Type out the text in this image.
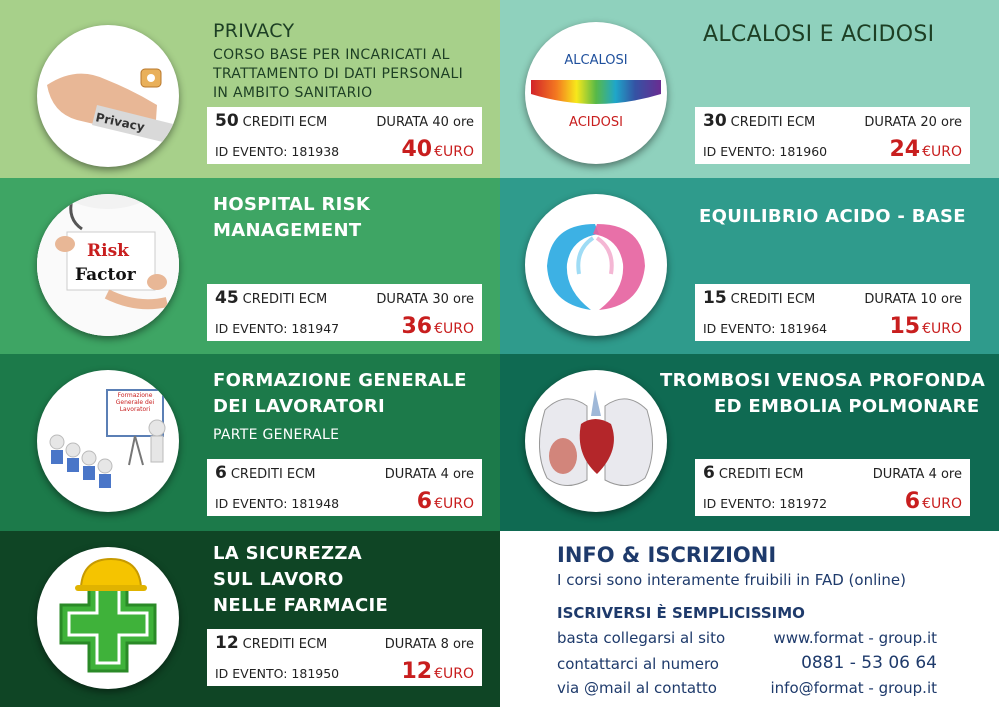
Privacy
PRIVACY
CORSO BASE PER INCARICATI AL
TRATTAMENTO DI DATI PERSONALI
IN AMBITO SANITARIO
50 CREDITI ECM	DURATA 40 ore
ID EVENTO: 181938	40 €URO
Risk
Factor
HOSPITAL RISK
MANAGEMENT
45 CREDITI ECM	DURATA 30 ore
ID EVENTO: 181947	36 €URO
Formazione Generale dei Lavoratori
FORMAZIONE GENERALE
DEI LAVORATORI
PARTE GENERALE
6 CREDITI ECM	DURATA 4 ore
ID EVENTO: 181948	6 €URO
LA SICUREZZA
SUL LAVORO
NELLE FARMACIE
12 CREDITI ECM	DURATA 8 ore
ID EVENTO: 181950	12 €URO
ALCALOSI
ACIDOSI
ALCALOSI E ACIDOSI
30 CREDITI ECM	DURATA 20 ore
ID EVENTO: 181960	24 €URO
EQUILIBRIO ACIDO - BASE
15 CREDITI ECM	DURATA 10 ore
ID EVENTO: 181964	15 €URO
TROMBOSI VENOSA PROFONDA
ED EMBOLIA POLMONARE
6 CREDITI ECM	DURATA 4 ore
ID EVENTO: 181972	6 €URO
INFO & ISCRIZIONI
I corsi sono interamente fruibili in FAD (online)
ISCRIVERSI È SEMPLICISSIMO
basta collegarsi al sito	www.format - group.it
contattarci al numero	0881 - 53 06 64
via @mail al contatto	info@format - group.it
